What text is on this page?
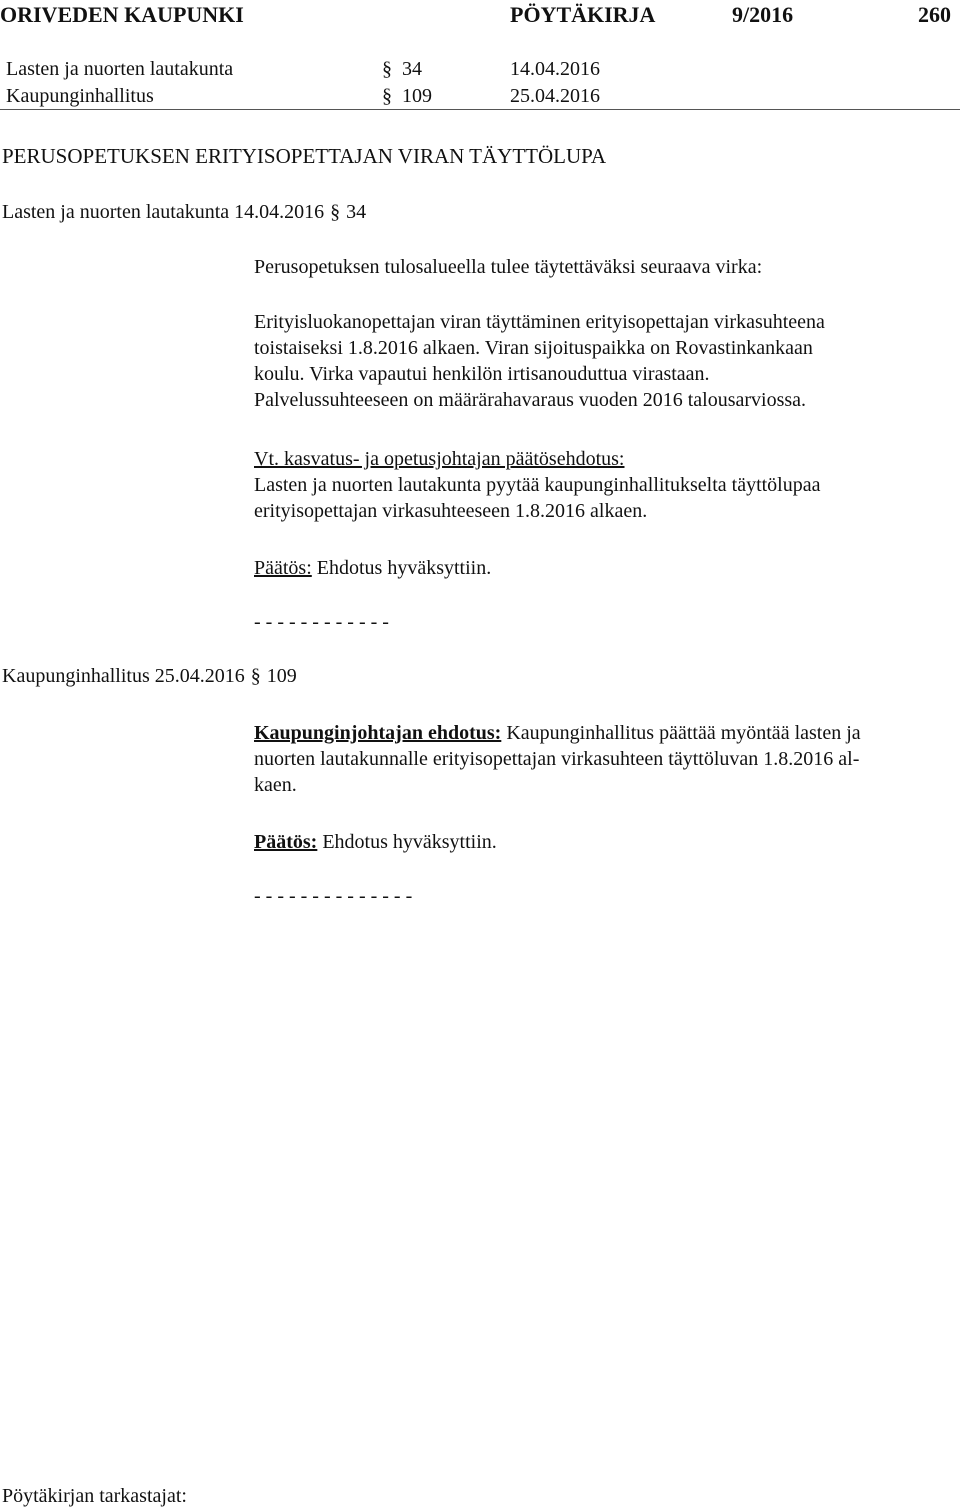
ORIVEDEN KAUPUNKI	PÖYTÄKIRJA	9/2016	260
Lasten ja nuorten lautakunta	§ 34	14.04.2016
Kaupunginhallitus	§ 109	25.04.2016
PERUSOPETUKSEN ERITYISOPETTAJAN VIRAN TÄYTTÖLUPA
Lasten ja nuorten lautakunta 14.04.2016 § 34
Perusopetuksen tulosalueella tulee täytettäväksi seuraava virka:
Erityisluokanopettajan viran täyttäminen erityisopettajan virkasuhteena
toistaiseksi 1.8.2016 alkaen. Viran sijoituspaikka on Rovastinkankaan
koulu. Virka vapautui henkilön irtisanouduttua virastaan.
Palvelussuhteeseen on määrärahavaraus vuoden 2016 talousarviossa.
Vt. kasvatus- ja opetusjohtajan päätösehdotus:
Lasten ja nuorten lautakunta pyytää kaupunginhallitukselta täyttölupaa
erityisopettajan virkasuhteeseen 1.8.2016 alkaen.
Päätös: Ehdotus hyväksyttiin.
- - - - - - - - - - - -
Kaupunginhallitus 25.04.2016 § 109
Kaupunginjohtajan ehdotus: Kaupunginhallitus päättää myöntää lasten ja
nuorten lautakunnalle erityisopettajan virkasuhteen täyttöluvan 1.8.2016 al-
kaen.
Päätös: Ehdotus hyväksyttiin.
- - - - - - - - - - - - - -
Pöytäkirjan tarkastajat:
